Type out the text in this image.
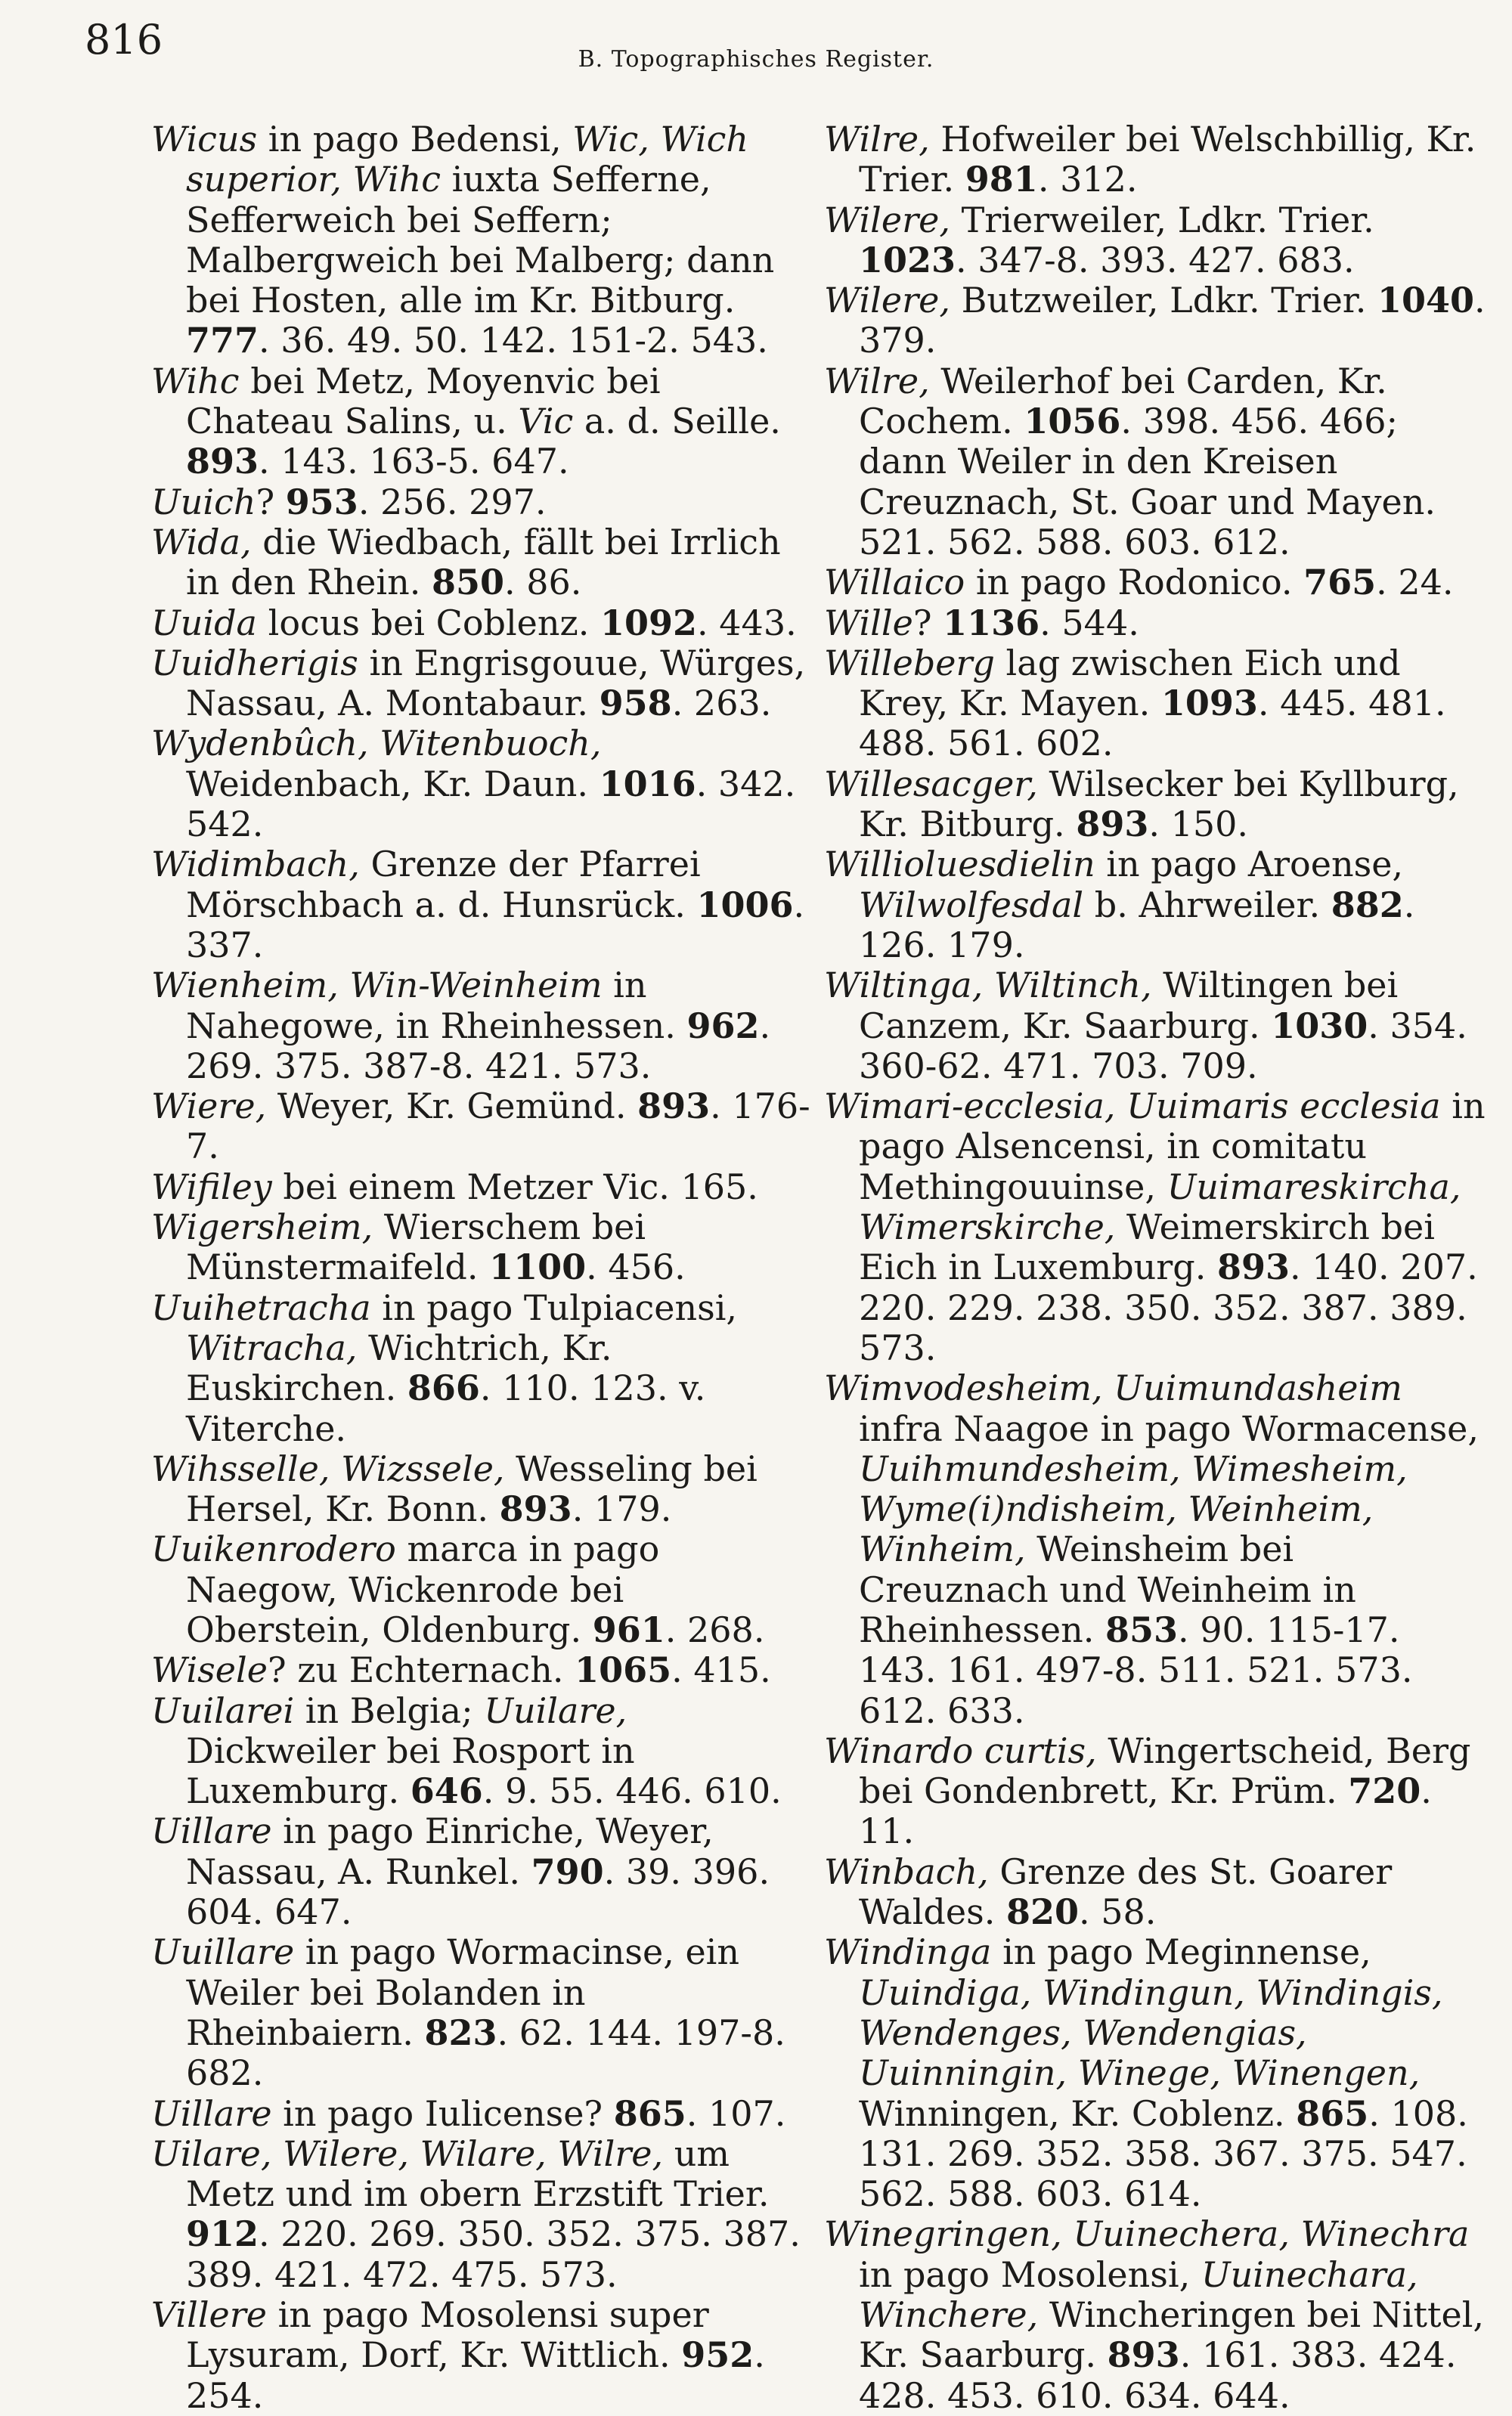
816	B. Topographisches Register.

Wicus in pago Bedensi, Wic, Wich superior, Wihc iuxta Sefferne, Sefferweich bei Seffern; Malbergweich bei Malberg; dann bei Hosten, alle im Kr. Bitburg. 777. 36. 49. 50. 142. 151-2. 543.

Wihc bei Metz, Moyenvic bei Chateau Salins, u. Vic a. d. Seille. 893. 143. 163-5. 647.

Uuich? 953. 256. 297.

Wida, die Wiedbach, fällt bei Irrlich in den Rhein. 850. 86.

Uuida locus bei Coblenz. 1092. 443.

Uuidherigis in Engrisgouue, Würges, Nassau, A. Montabaur. 958. 263.

Wydenbûch, Witenbuoch, Weidenbach, Kr. Daun. 1016. 342. 542.

Widimbach, Grenze der Pfarrei Mörschbach a. d. Hunsrück. 1006. 337.

Wienheim, Win-Weinheim in Nahegowe, in Rheinhessen. 962. 269. 375. 387-8. 421. 573.

Wiere, Weyer, Kr. Gemünd. 893. 176-7.

Wifiley bei einem Metzer Vic. 165.

Wigersheim, Wierschem bei Münstermaifeld. 1100. 456.

Uuihetracha in pago Tulpiacensi, Witracha, Wichtrich, Kr. Euskirchen. 866. 110. 123. v. Viterche.

Wihsselle, Wizssele, Wesseling bei Hersel, Kr. Bonn. 893. 179.

Uuikenrodero marca in pago Naegow, Wickenrode bei Oberstein, Oldenburg. 961. 268.

Wisele? zu Echternach. 1065. 415.

Uuilarei in Belgia; Uuilare, Dickweiler bei Rosport in Luxemburg. 646. 9. 55. 446. 610.

Uillare in pago Einriche, Weyer, Nassau, A. Runkel. 790. 39. 396. 604. 647.

Uuillare in pago Wormacinse, ein Weiler bei Bolanden in Rheinbaiern. 823. 62. 144. 197-8. 682.

Uillare in pago Iulicense? 865. 107.

Uilare, Wilere, Wilare, Wilre, um Metz und im obern Erzstift Trier. 912. 220. 269. 350. 352. 375. 387. 389. 421. 472. 475. 573.

Villere in pago Mosolensi super Lysuram, Dorf, Kr. Wittlich. 952. 254.

Wilre, Hofweiler bei Welschbillig, Kr. Trier. 981. 312.

Wilere, Trierweiler, Ldkr. Trier. 1023. 347-8. 393. 427. 683.

Wilere, Butzweiler, Ldkr. Trier. 1040. 379.

Wilre, Weilerhof bei Carden, Kr. Cochem. 1056. 398. 456. 466; dann Weiler in den Kreisen Creuznach, St. Goar und Mayen. 521. 562. 588. 603. 612.

Willaico in pago Rodonico. 765. 24.

Wille? 1136. 544.

Willeberg lag zwischen Eich und Krey, Kr. Mayen. 1093. 445. 481. 488. 561. 602.

Willesacger, Wilsecker bei Kyllburg, Kr. Bitburg. 893. 150.

Willioluesdielin in pago Aroense, Wilwolfesdal b. Ahrweiler. 882. 126. 179.

Wiltinga, Wiltinch, Wiltingen bei Canzem, Kr. Saarburg. 1030. 354. 360-62. 471. 703. 709.

Wimari-ecclesia, Uuimaris ecclesia in pago Alsencensi, in comitatu Methingouuinse, Uuimareskircha, Wimerskirche, Weimerskirch bei Eich in Luxemburg. 893. 140. 207. 220. 229. 238. 350. 352. 387. 389. 573.

Wimvodesheim, Uuimundasheim infra Naagoe in pago Wormacense, Uuihmundesheim, Wimesheim, Wyme(i)ndisheim, Weinheim, Winheim, Weinsheim bei Creuznach und Weinheim in Rheinhessen. 853. 90. 115-17. 143. 161. 497-8. 511. 521. 573. 612. 633.

Winardo curtis, Wingertscheid, Berg bei Gondenbrett, Kr. Prüm. 720. 11.

Winbach, Grenze des St. Goarer Waldes. 820. 58.

Windinga in pago Meginnense, Uuindiga, Windingun, Windingis, Wendenges, Wendengias, Uuinningin, Winege, Winengen, Winningen, Kr. Coblenz. 865. 108. 131. 269. 352. 358. 367. 375. 547. 562. 588. 603. 614.

Winegringen, Uuinechera, Winechra in pago Mosolensi, Uuinechara, Winchere, Wincheringen bei Nittel, Kr. Saarburg. 893. 161. 383. 424. 428. 453. 610. 634. 644.
